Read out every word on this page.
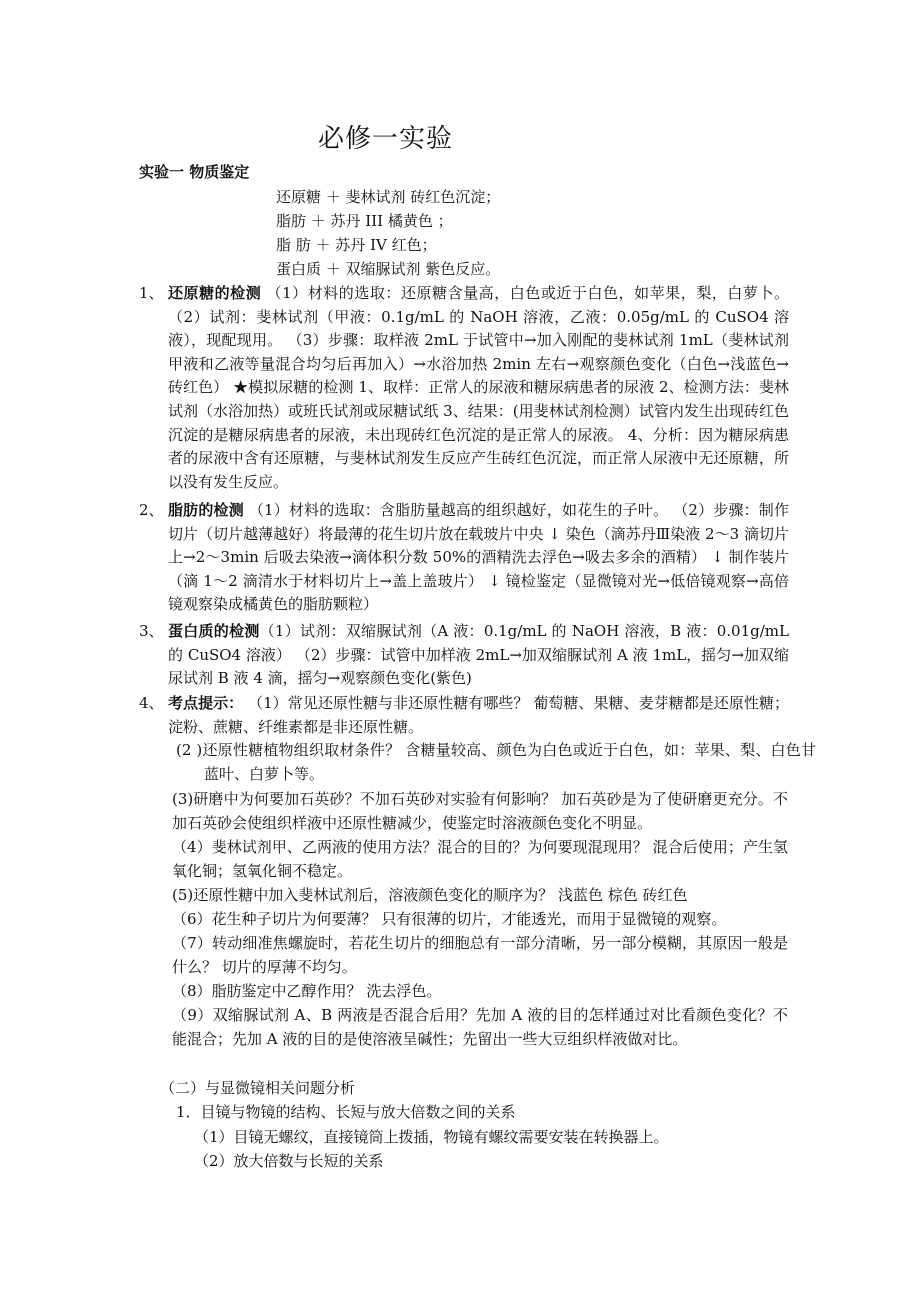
必修一实验
实验一 物质鉴定
还原糖 ＋ 斐林试剂 砖红色沉淀；
脂肪 ＋ 苏丹 III 橘黄色 ；
脂 肪 ＋ 苏丹 IV 红色；
蛋白质 ＋ 双缩脲试剂 紫色反应。
1、 还原糖的检测 （1）材料的选取：还原糖含量高，白色或近于白色，如苹果，梨，白萝卜。 （2）试剂：斐林试剂（甲液：0.1g/mL 的 NaOH 溶液，乙液：0.05g/mL 的 CuSO4 溶液），现配现用。 （3）步骤：取样液 2mL 于试管中→加入刚配的斐林试剂 1mL（斐林试剂甲液和乙液等量混合均匀后再加入）→水浴加热 2min 左右→观察颜色变化（白色→浅蓝色→砖红色） ★模拟尿糖的检测 1、取样：正常人的尿液和糖尿病患者的尿液 2、检测方法：斐林试剂（水浴加热）或班氏试剂或尿糖试纸 3、结果：(用斐林试剂检测）试管内发生出现砖红色沉淀的是糖尿病患者的尿液，未出现砖红色沉淀的是正常人的尿液。 4、分析：因为糖尿病患者的尿液中含有还原糖，与斐林试剂发生反应产生砖红色沉淀，而正常人尿液中无还原糖，所以没有发生反应。
2、 脂肪的检测 （1）材料的选取：含脂肪量越高的组织越好，如花生的子叶。 （2）步骤：制作切片（切片越薄越好）将最薄的花生切片放在载玻片中央 ↓ 染色（滴苏丹Ⅲ染液 2～3 滴切片上→2～3min 后吸去染液→滴体积分数 50%的酒精洗去浮色→吸去多余的酒精） ↓ 制作装片（滴 1～2 滴清水于材料切片上→盖上盖玻片） ↓ 镜检鉴定（显微镜对光→低倍镜观察→高倍镜观察染成橘黄色的脂肪颗粒）
3、 蛋白质的检测（1）试剂：双缩脲试剂（A 液：0.1g/mL 的 NaOH 溶液，B 液：0.01g/mL 的 CuSO4 溶液） （2）步骤：试管中加样液 2mL→加双缩脲试剂 A 液 1mL，摇匀→加双缩尿试剂 B 液 4 滴，摇匀→观察颜色变化(紫色)
4、 考点提示： （1）常见还原性糖与非还原性糖有哪些？ 葡萄糖、果糖、麦芽糖都是还原性糖；淀粉、蔗糖、纤维素都是非还原性糖。
(2 )还原性糖植物组织取材条件？ 含糖量较高、颜色为白色或近于白色，如：苹果、梨、白色甘蓝叶、白萝卜等。
(3)研磨中为何要加石英砂？不加石英砂对实验有何影响？ 加石英砂是为了使研磨更充分。不加石英砂会使组织样液中还原性糖减少，使鉴定时溶液颜色变化不明显。
（4）斐林试剂甲、乙两液的使用方法？混合的目的？为何要现混现用？ 混合后使用；产生氢氧化铜；氢氧化铜不稳定。
(5)还原性糖中加入斐林试剂后，溶液颜色变化的顺序为？ 浅蓝色 棕色 砖红色
（6）花生种子切片为何要薄？ 只有很薄的切片，才能透光，而用于显微镜的观察。
（7）转动细准焦螺旋时，若花生切片的细胞总有一部分清晰，另一部分模糊，其原因一般是什么？ 切片的厚薄不均匀。
（8）脂肪鉴定中乙醇作用？ 洗去浮色。
（9）双缩脲试剂 A、B 两液是否混合后用？先加 A 液的目的怎样通过对比看颜色变化？不能混合；先加 A 液的目的是使溶液呈碱性；先留出一些大豆组织样液做对比。
（二）与显微镜相关问题分析
1．目镜与物镜的结构、长短与放大倍数之间的关系
（1）目镜无螺纹，直接镜筒上拨插，物镜有螺纹需要安装在转换器上。
（2）放大倍数与长短的关系
